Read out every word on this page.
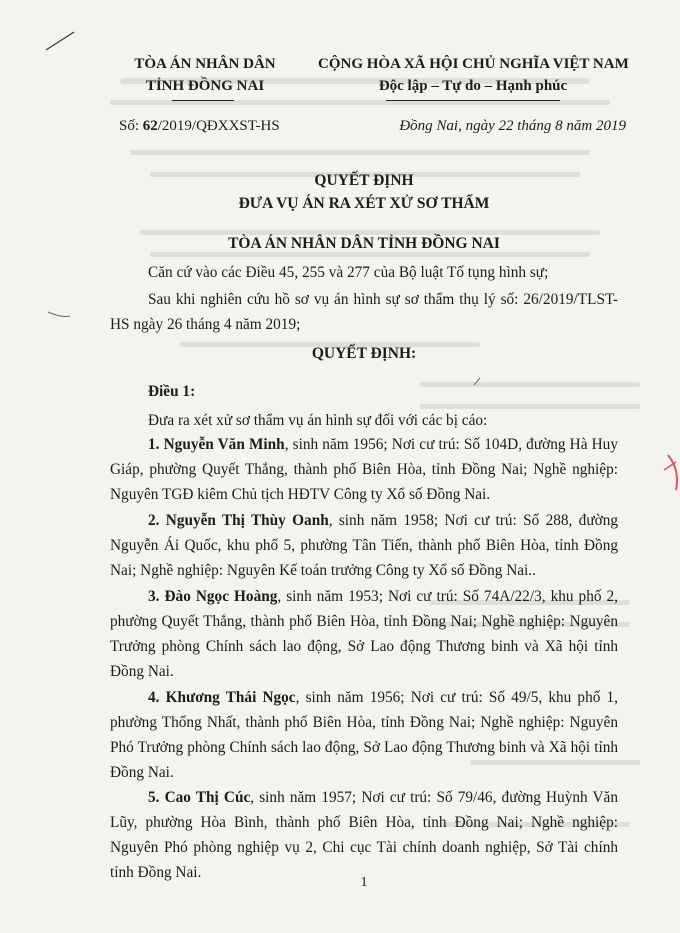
TÒA ÁN NHÂN DÂN
TỈNH ĐỒNG NAI
CỘNG HÒA XÃ HỘI CHỦ NGHĨA VIỆT NAM
Độc lập – Tự do – Hạnh phúc
Số: 62/2019/QĐXXST-HS	Đồng Nai, ngày 22 tháng 8 năm 2019
QUYẾT ĐỊNH
ĐƯA VỤ ÁN RA XÉT XỬ SƠ THẨM
TÒA ÁN NHÂN DÂN TỈNH ĐỒNG NAI
Căn cứ vào các Điều 45, 255 và 277 của Bộ luật Tố tụng hình sự;
Sau khi nghiên cứu hồ sơ vụ án hình sự sơ thẩm thụ lý số: 26/2019/TLST-HS ngày 26 tháng 4 năm 2019;
QUYẾT ĐỊNH:
Điều 1:
Đưa ra xét xử sơ thẩm vụ án hình sự đối với các bị cáo:
1. Nguyễn Văn Minh, sinh năm 1956; Nơi cư trú: Số 104D, đường Hà Huy Giáp, phường Quyết Thắng, thành phố Biên Hòa, tỉnh Đồng Nai; Nghề nghiệp: Nguyên TGĐ kiêm Chủ tịch HĐTV Công ty Xổ số Đồng Nai.
2. Nguyễn Thị Thùy Oanh, sinh năm 1958; Nơi cư trú: Số 288, đường Nguyễn Ái Quốc, khu phố 5, phường Tân Tiến, thành phố Biên Hòa, tỉnh Đồng Nai; Nghề nghiệp: Nguyên Kế toán trưởng Công ty Xổ số Đồng Nai..
3. Đào Ngọc Hoàng, sinh năm 1953; Nơi cư trú: Số 74A/22/3, khu phố 2, phường Quyết Thắng, thành phố Biên Hòa, tỉnh Đồng Nai; Nghề nghiệp: Nguyên Trưởng phòng Chính sách lao động, Sở Lao động Thương binh và Xã hội tỉnh Đồng Nai.
4. Khương Thái Ngọc, sinh năm 1956; Nơi cư trú: Số 49/5, khu phố 1, phường Thống Nhất, thành phố Biên Hòa, tỉnh Đồng Nai; Nghề nghiệp: Nguyên Phó Trưởng phòng Chính sách lao động, Sở Lao động Thương binh và Xã hội tỉnh Đồng Nai.
5. Cao Thị Cúc, sinh năm 1957; Nơi cư trú: Số 79/46, đường Huỳnh Văn Lũy, phường Hòa Bình, thành phố Biên Hòa, tỉnh Đồng Nai; Nghề nghiệp: Nguyên Phó phòng nghiệp vụ 2, Chi cục Tài chính doanh nghiệp, Sở Tài chính tỉnh Đồng Nai.
1
